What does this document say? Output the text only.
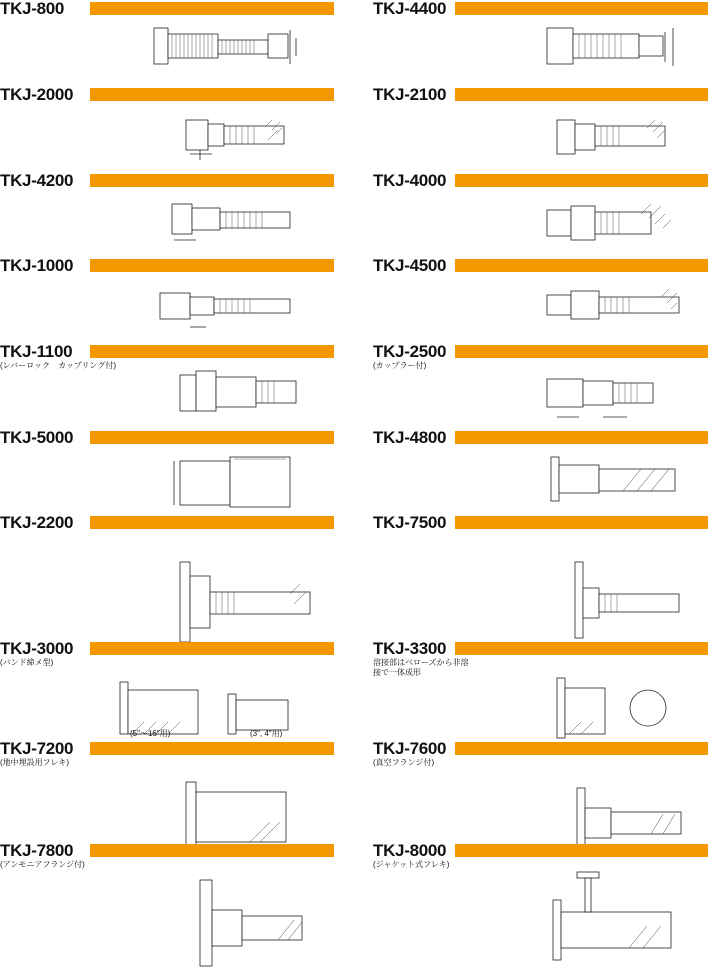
TKJ-800	TKJ-4400
TKJ-2000	TKJ-2100
TKJ-4200	TKJ-4000
TKJ-1000	TKJ-4500
TKJ-1100
(レバーロック　カップリング付)
TKJ-2500
(カップラー付)
TKJ-5000	TKJ-4800
TKJ-2200	TKJ-7500
TKJ-3000
(バンド締メ型)
(5″〜16″用)	(3″, 4″用)
TKJ-3300
溶接部はベローズから非溶接で一体成形
TKJ-7200
(地中埋設用フレキ)
TKJ-7600
(真空フランジ付)
TKJ-7800
(アンモニアフランジ付)
TKJ-8000
(ジャケット式フレキ)
